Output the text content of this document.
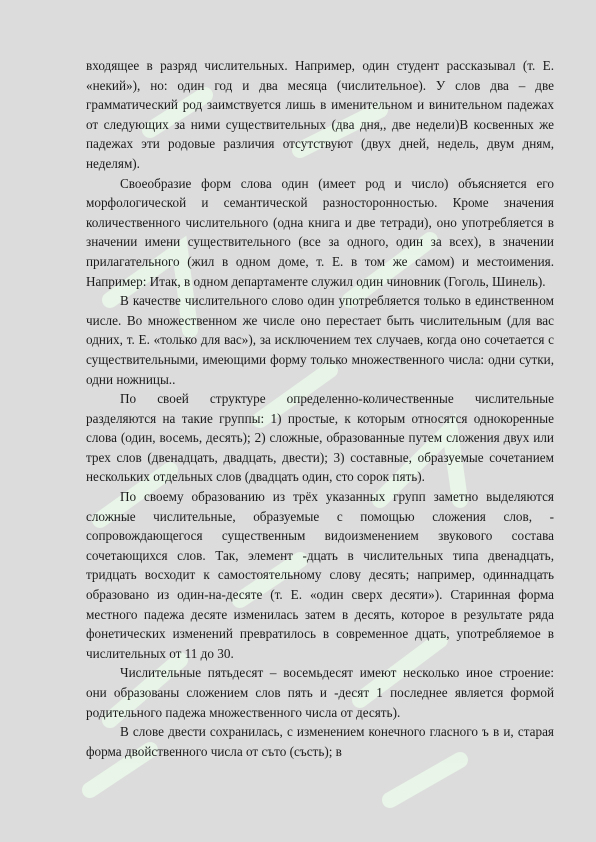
входящее в разряд числительных. Например, один студент рассказывал (т. Е. «некий»), но: один год и два месяца (числительное). У слов два – две грамматический род заимствуется лишь в именительном и винительном падежах от следующих за ними существительных (два дня,, две недели)В косвенных же падежах эти родовые различия отсутствуют (двух дней, недель, двум дням, неделям).

Своеобразие форм слова один (имеет род и число) объясняется его морфологической и семантической разносторонностью. Кроме значения количественного числительного (одна книга и две тетради), оно употребляется в значении имени существительного (все за одного, один за всех), в значении прилагательного (жил в одном доме, т. Е. в том же самом) и местоимения. Например: Итак, в одном департаменте служил один чиновник (Гоголь, Шинель).

В качестве числительного слово один употребляется только в единственном числе. Во множественном же числе оно перестает быть числительным (для вас одних, т. Е. «только для вас»), за исключением тех случаев, когда оно сочетается с существительными, имеющими форму только множественного числа: одни сутки, одни ножницы..

По своей структуре определенно-количественные числительные разделяются на такие группы: 1) простые, к которым относятся однокоренные слова (один, восемь, десять); 2) сложные, образованные путем сложения двух или трех слов (двенадцать, двадцать, двести); 3) составные, образуемые сочетанием нескольких отдельных слов (двадцать один, сто сорок пять).

По своему образованию из трёх указанных групп заметно выделяются сложные числительные, образуемые с помощью сложения слов, - сопровождающегося существенным видоизменением звукового состава сочетающихся слов. Так, элемент -дцать в числительных типа двенадцать, тридцать восходит к самостоятельному слову десять; например, одиннадцать образовано из один-на-десяте (т. Е. «один сверх десяти»). Старинная форма местного падежа десяте изменилась затем в десять, которое в результате ряда фонетических изменений превратилось в современное дцать, употребляемое в числительных от 11 до 30.

Числительные пятьдесят – восемьдесят имеют несколько иное строение: они образованы сложением слов пять и -десят 1 последнее является формой родительного падежа множественного числа от десять).

В слове двести сохранилась, с изменением конечного гласного ъ в и, старая форма двойственного числа от съто (състь); в
